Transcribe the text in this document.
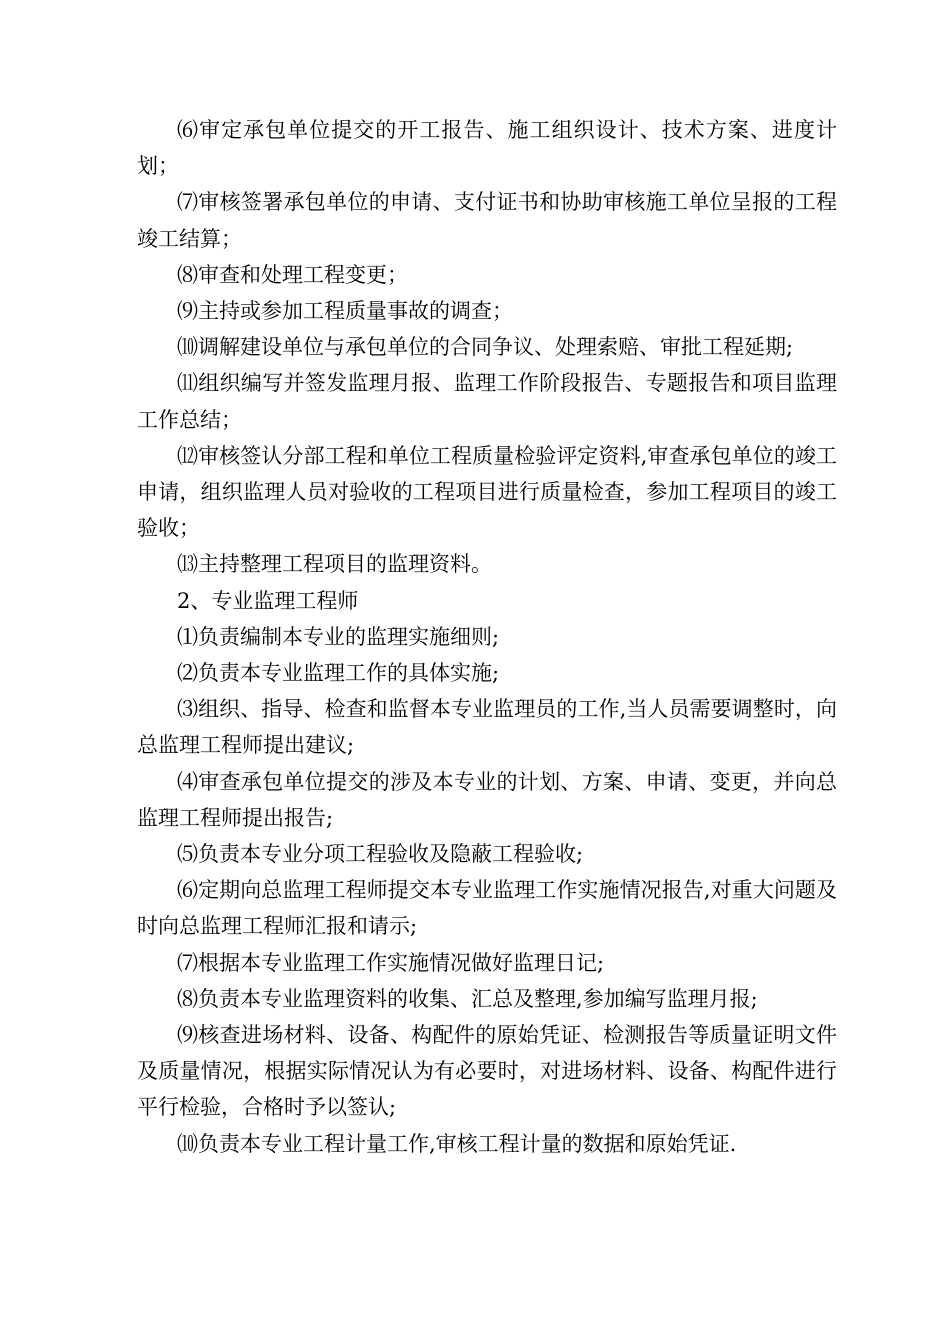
⑹审定承包单位提交的开工报告、施工组织设计、技术方案、进度计划；

⑺审核签署承包单位的申请、支付证书和协助审核施工单位呈报的工程竣工结算；

⑻审查和处理工程变更；

⑼主持或参加工程质量事故的调查；

⑽调解建设单位与承包单位的合同争议、处理索赔、审批工程延期;

⑾组织编写并签发监理月报、监理工作阶段报告、专题报告和项目监理工作总结；

⑿审核签认分部工程和单位工程质量检验评定资料,审查承包单位的竣工申请，组织监理人员对验收的工程项目进行质量检查，参加工程项目的竣工验收；

⒀主持整理工程项目的监理资料。

2、专业监理工程师

⑴负责编制本专业的监理实施细则;

⑵负责本专业监理工作的具体实施;

⑶组织、指导、检查和监督本专业监理员的工作,当人员需要调整时，向总监理工程师提出建议;

⑷审查承包单位提交的涉及本专业的计划、方案、申请、变更，并向总监理工程师提出报告;

⑸负责本专业分项工程验收及隐蔽工程验收;

⑹定期向总监理工程师提交本专业监理工作实施情况报告,对重大问题及时向总监理工程师汇报和请示;

⑺根据本专业监理工作实施情况做好监理日记;

⑻负责本专业监理资料的收集、汇总及整理,参加编写监理月报;

⑼核查进场材料、设备、构配件的原始凭证、检测报告等质量证明文件及质量情况，根据实际情况认为有必要时，对进场材料、设备、构配件进行平行检验，合格时予以签认;

⑽负责本专业工程计量工作,审核工程计量的数据和原始凭证.
